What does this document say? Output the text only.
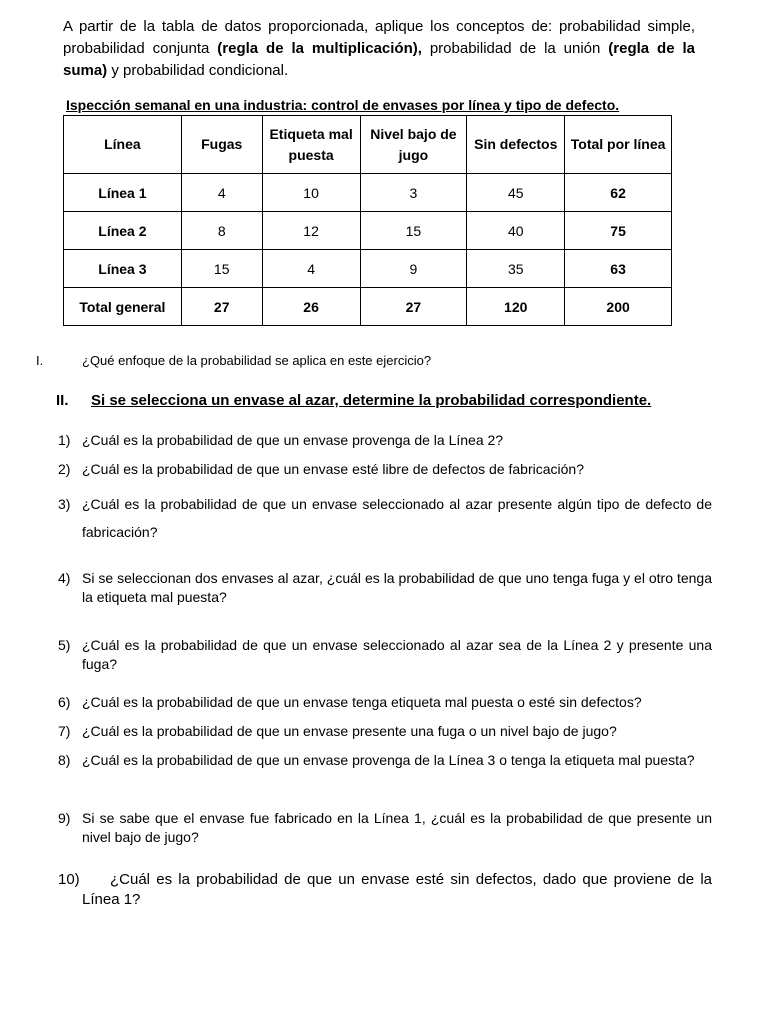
A partir de la tabla de datos proporcionada, aplique los conceptos de: probabilidad simple, probabilidad conjunta (regla de la multiplicación), probabilidad de la unión (regla de la suma) y probabilidad condicional.

Ispección semanal en una industria: control de envases por línea y tipo de defecto.
Línea	Fugas	Etiqueta mal puesta	Nivel bajo de jugo	Sin defectos	Total por línea
Línea 1	4	10	3	45	62
Línea 2	8	12	15	40	75
Línea 3	15	4	9	35	63
Total general	27	26	27	120	200
I.	¿Qué enfoque de la probabilidad se aplica en este ejercicio?
II. Si se selecciona un envase al azar, determine la probabilidad correspondiente.
1) ¿Cuál es la probabilidad de que un envase provenga de la Línea 2?
2) ¿Cuál es la probabilidad de que un envase esté libre de defectos de fabricación?
3) ¿Cuál es la probabilidad de que un envase seleccionado al azar presente algún tipo de defecto de fabricación?
4) Si se seleccionan dos envases al azar, ¿cuál es la probabilidad de que uno tenga fuga y el otro tenga la etiqueta mal puesta?
5) ¿Cuál es la probabilidad de que un envase seleccionado al azar sea de la Línea 2 y presente una fuga?
6) ¿Cuál es la probabilidad de que un envase tenga etiqueta mal puesta o esté sin defectos?
7) ¿Cuál es la probabilidad de que un envase presente una fuga o un nivel bajo de jugo?
8) ¿Cuál es la probabilidad de que un envase provenga de la Línea 3 o tenga la etiqueta mal puesta?
9) Si se sabe que el envase fue fabricado en la Línea 1, ¿cuál es la probabilidad de que presente un nivel bajo de jugo?
10)	¿Cuál es la probabilidad de que un envase esté sin defectos, dado que proviene de la Línea 1?
